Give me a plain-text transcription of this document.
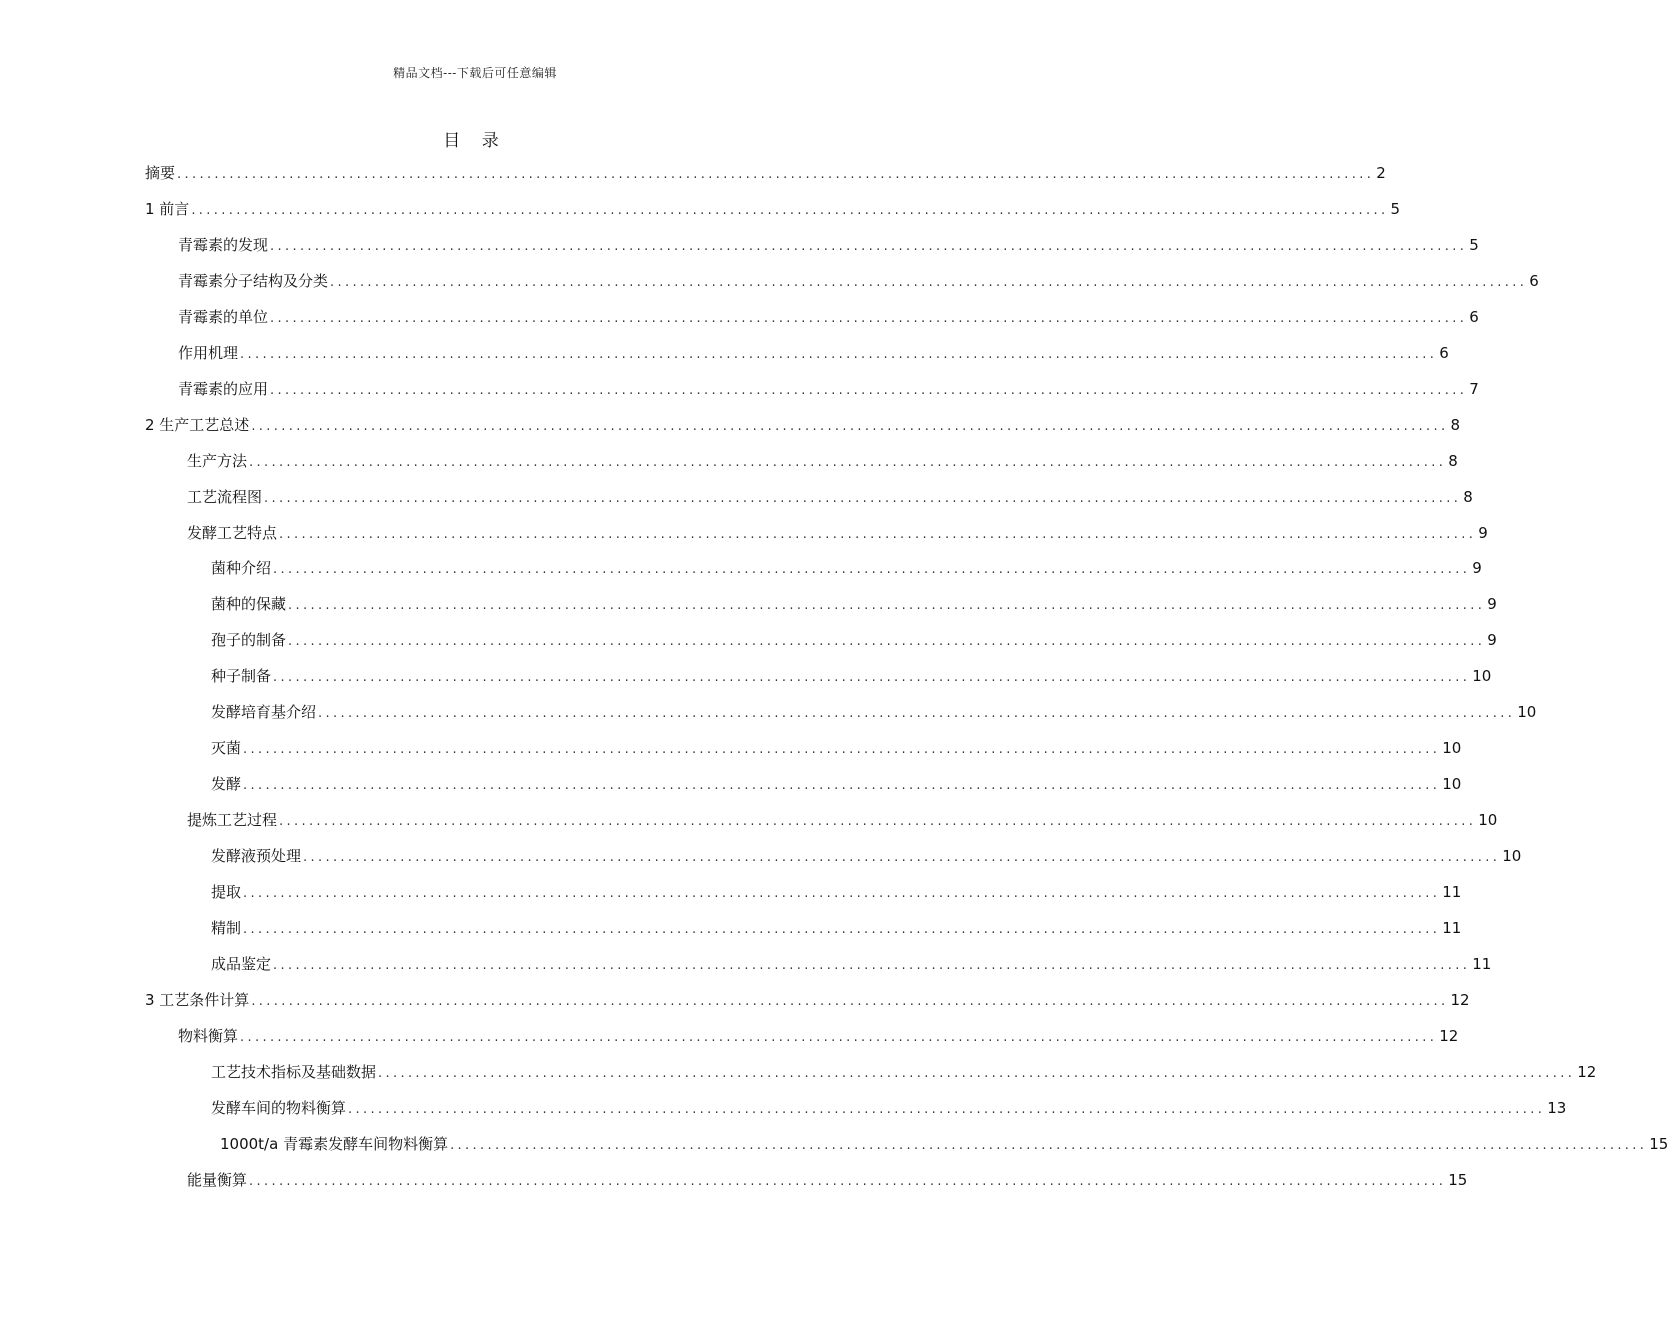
精品文档---下载后可任意编辑
目 录
摘要 ................................................................................................................................................................ 2
1 前言 ................................................................................................................................................................ 5
青霉素的发现 ................................................................................................................................................................ 5
青霉素分子结构及分类 ................................................................................................................................................................ 6
青霉素的单位 ................................................................................................................................................................ 6
作用机理 ................................................................................................................................................................ 6
青霉素的应用 ................................................................................................................................................................ 7
2 生产工艺总述 ................................................................................................................................................................ 8
生产方法 ................................................................................................................................................................ 8
工艺流程图 ................................................................................................................................................................ 8
发酵工艺特点 ................................................................................................................................................................ 9
菌种介绍 ................................................................................................................................................................ 9
菌种的保藏 ................................................................................................................................................................ 9
孢子的制备 ................................................................................................................................................................ 9
种子制备 ................................................................................................................................................................ 10
发酵培育基介绍 ................................................................................................................................................................ 10
灭菌 ................................................................................................................................................................ 10
发酵 ................................................................................................................................................................ 10
提炼工艺过程 ................................................................................................................................................................ 10
发酵液预处理 ................................................................................................................................................................ 10
提取 ................................................................................................................................................................ 11
精制 ................................................................................................................................................................ 11
成品鉴定 ................................................................................................................................................................ 11
3 工艺条件计算 ................................................................................................................................................................ 12
物料衡算 ................................................................................................................................................................ 12
工艺技术指标及基础数据 ................................................................................................................................................................ 12
发酵车间的物料衡算 ................................................................................................................................................................ 13
1000t/a 青霉素发酵车间物料衡算 ................................................................................................................................................................ 15
能量衡算 ................................................................................................................................................................ 15
